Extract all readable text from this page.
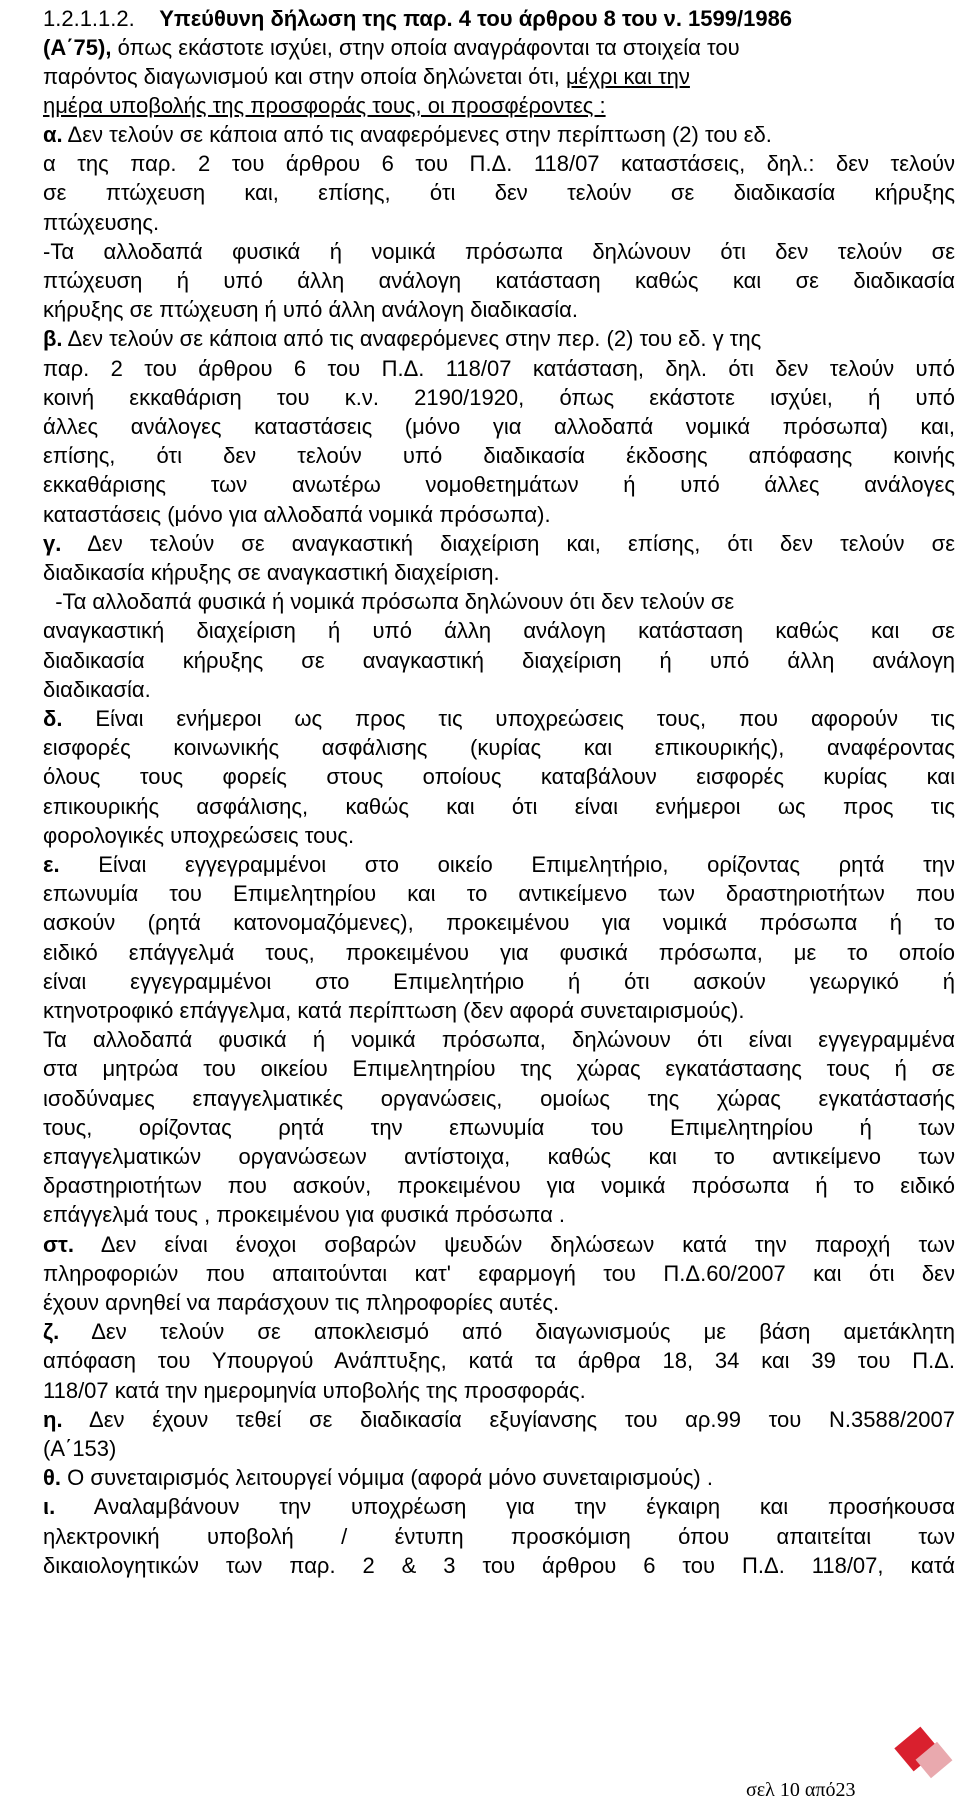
1.2.1.1.2. Υπεύθυνη δήλωση της παρ. 4 του άρθρου 8 του ν. 1599/1986
(Α΄75), όπως εκάστοτε ισχύει, στην οποία αναγράφονται τα στοιχεία του
παρόντος διαγωνισμού και στην οποία δηλώνεται ότι, μέχρι και την
ημέρα υποβολής της προσφοράς τους, οι προσφέροντες :
α. Δεν τελούν σε κάποια από τις αναφερόμενες στην περίπτωση (2) του εδ.
α της παρ. 2 του άρθρου 6 του Π.Δ. 118/07 καταστάσεις, δηλ.: δεν τελούν
σε πτώχευση και, επίσης, ότι δεν τελούν σε διαδικασία κήρυξης
πτώχευσης.
-Τα αλλοδαπά φυσικά ή νομικά πρόσωπα δηλώνουν ότι δεν τελούν σε
πτώχευση ή υπό άλλη ανάλογη κατάσταση καθώς και σε διαδικασία
κήρυξης σε πτώχευση ή υπό άλλη ανάλογη διαδικασία.
β. Δεν τελούν σε κάποια από τις αναφερόμενες στην περ. (2) του εδ. γ της
παρ. 2 του άρθρου 6 του Π.Δ. 118/07 κατάσταση, δηλ. ότι δεν τελούν υπό
κοινή εκκαθάριση του κ.ν. 2190/1920, όπως εκάστοτε ισχύει, ή υπό
άλλες ανάλογες καταστάσεις (μόνο για αλλοδαπά νομικά πρόσωπα) και,
επίσης, ότι δεν τελούν υπό διαδικασία έκδοσης απόφασης κοινής
εκκαθάρισης των ανωτέρω νομοθετημάτων ή υπό άλλες ανάλογες
καταστάσεις (μόνο για αλλοδαπά νομικά πρόσωπα).
γ. Δεν τελούν σε αναγκαστική διαχείριση και, επίσης, ότι δεν τελούν σε
διαδικασία κήρυξης σε αναγκαστική διαχείριση.
-Τα αλλοδαπά φυσικά ή νομικά πρόσωπα δηλώνουν ότι δεν τελούν σε
αναγκαστική διαχείριση ή υπό άλλη ανάλογη κατάσταση καθώς και σε
διαδικασία κήρυξης σε αναγκαστική διαχείριση ή υπό άλλη ανάλογη
διαδικασία.
δ. Είναι ενήμεροι ως προς τις υποχρεώσεις τους, που αφορούν τις
εισφορές κοινωνικής ασφάλισης (κυρίας και επικουρικής), αναφέροντας
όλους τους φορείς στους οποίους καταβάλουν εισφορές κυρίας και
επικουρικής ασφάλισης, καθώς και ότι είναι ενήμεροι ως προς τις
φορολογικές υποχρεώσεις τους.
ε. Είναι εγγεγραμμένοι στο οικείο Επιμελητήριο, ορίζοντας ρητά την
επωνυμία του Επιμελητηρίου και το αντικείμενο των δραστηριοτήτων που
ασκούν (ρητά κατονομαζόμενες), προκειμένου για νομικά πρόσωπα ή το
ειδικό επάγγελμά τους, προκειμένου για φυσικά πρόσωπα, με το οποίο
είναι εγγεγραμμένοι στο Επιμελητήριο ή ότι ασκούν γεωργικό ή
κτηνοτροφικό επάγγελμα, κατά περίπτωση (δεν αφορά συνεταιρισμούς).
Τα αλλοδαπά φυσικά ή νομικά πρόσωπα, δηλώνουν ότι είναι εγγεγραμμένα
στα μητρώα του οικείου Επιμελητηρίου της χώρας εγκατάστασης τους ή σε
ισοδύναμες επαγγελματικές οργανώσεις, ομοίως της χώρας εγκατάστασής
τους, ορίζοντας ρητά την επωνυμία του Επιμελητηρίου ή των
επαγγελματικών οργανώσεων αντίστοιχα, καθώς και το αντικείμενο των
δραστηριοτήτων που ασκούν, προκειμένου για νομικά πρόσωπα ή το ειδικό
επάγγελμά τους , προκειμένου για φυσικά πρόσωπα .
στ. Δεν είναι ένοχοι σοβαρών ψευδών δηλώσεων κατά την παροχή των
πληροφοριών που απαιτούνται κατ' εφαρμογή του Π.Δ.60/2007 και ότι δεν
έχουν αρνηθεί να παράσχουν τις πληροφορίες αυτές.
ζ. Δεν τελούν σε αποκλεισμό από διαγωνισμούς με βάση αμετάκλητη
απόφαση του Υπουργού Ανάπτυξης, κατά τα άρθρα 18, 34 και 39 του Π.Δ.
118/07 κατά την ημερομηνία υποβολής της προσφοράς.
η. Δεν έχουν τεθεί σε διαδικασία εξυγίανσης του αρ.99 του Ν.3588/2007
(Α΄153)
θ. Ο συνεταιρισμός λειτουργεί νόμιμα (αφορά μόνο συνεταιρισμούς) .
ι. Αναλαμβάνουν την υποχρέωση για την έγκαιρη και προσήκουσα
ηλεκτρονική υποβολή / έντυπη προσκόμιση όπου απαιτείται των
δικαιολογητικών των παρ. 2 & 3 του άρθρου 6 του Π.Δ. 118/07, κατά
σελ 10 από23
